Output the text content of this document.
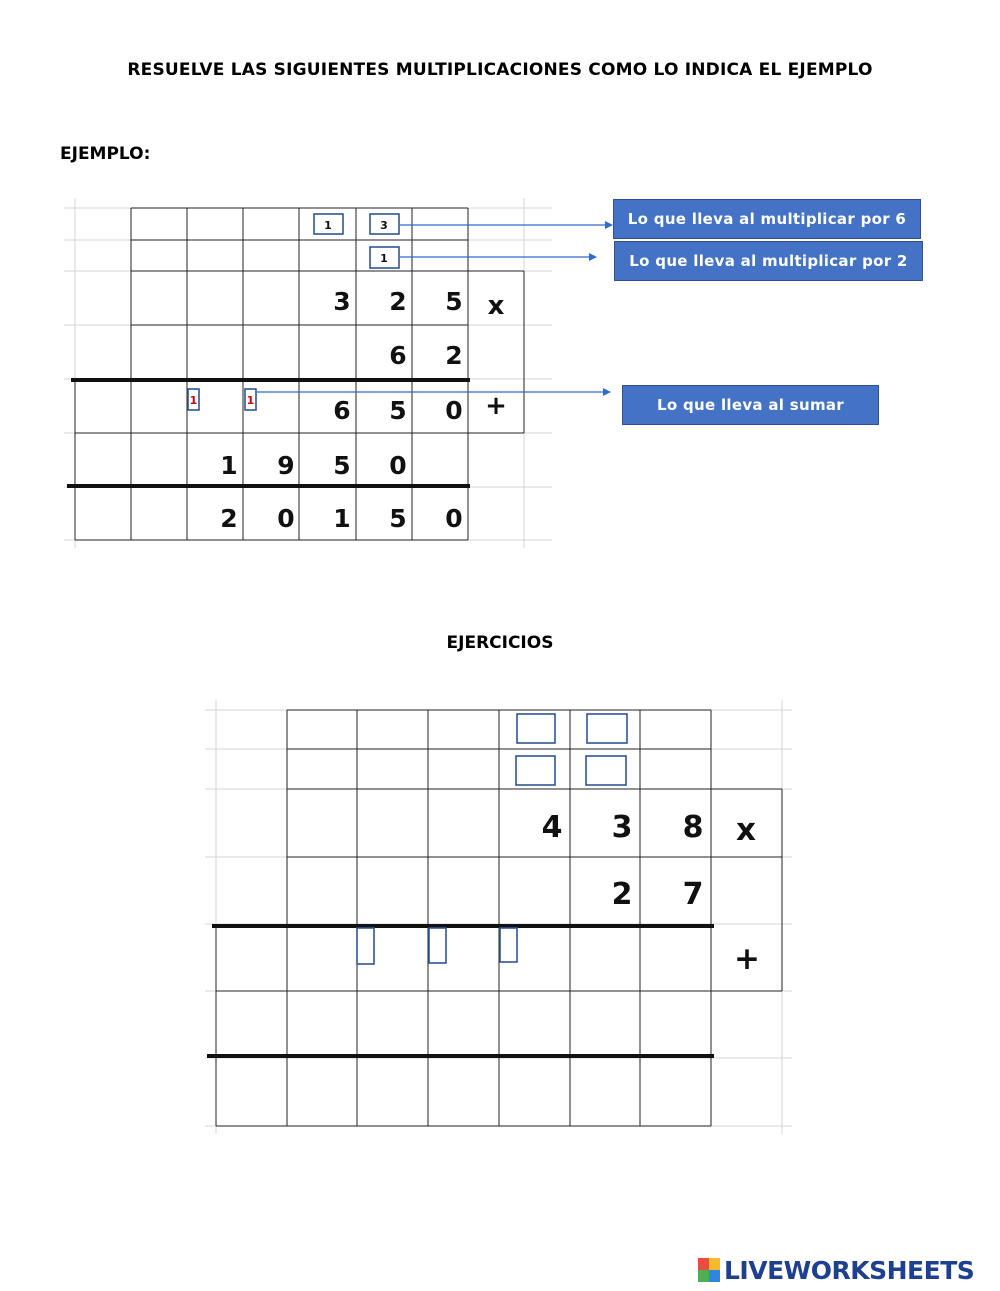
RESUELVE LAS SIGUIENTES MULTIPLICACIONES COMO LO INDICA EL EJEMPLO
EJEMPLO:
1	3
1
3 2 5 x
6 2
1	1	6 5 0 +
1 9 5 0
2 0 1 5 0
4 3 8 x
2 7
+
Lo que lleva al multiplicar por 6
Lo que lleva al multiplicar por 2
Lo que lleva al sumar
EJERCICIOS
LIVEWORKSHEETS
